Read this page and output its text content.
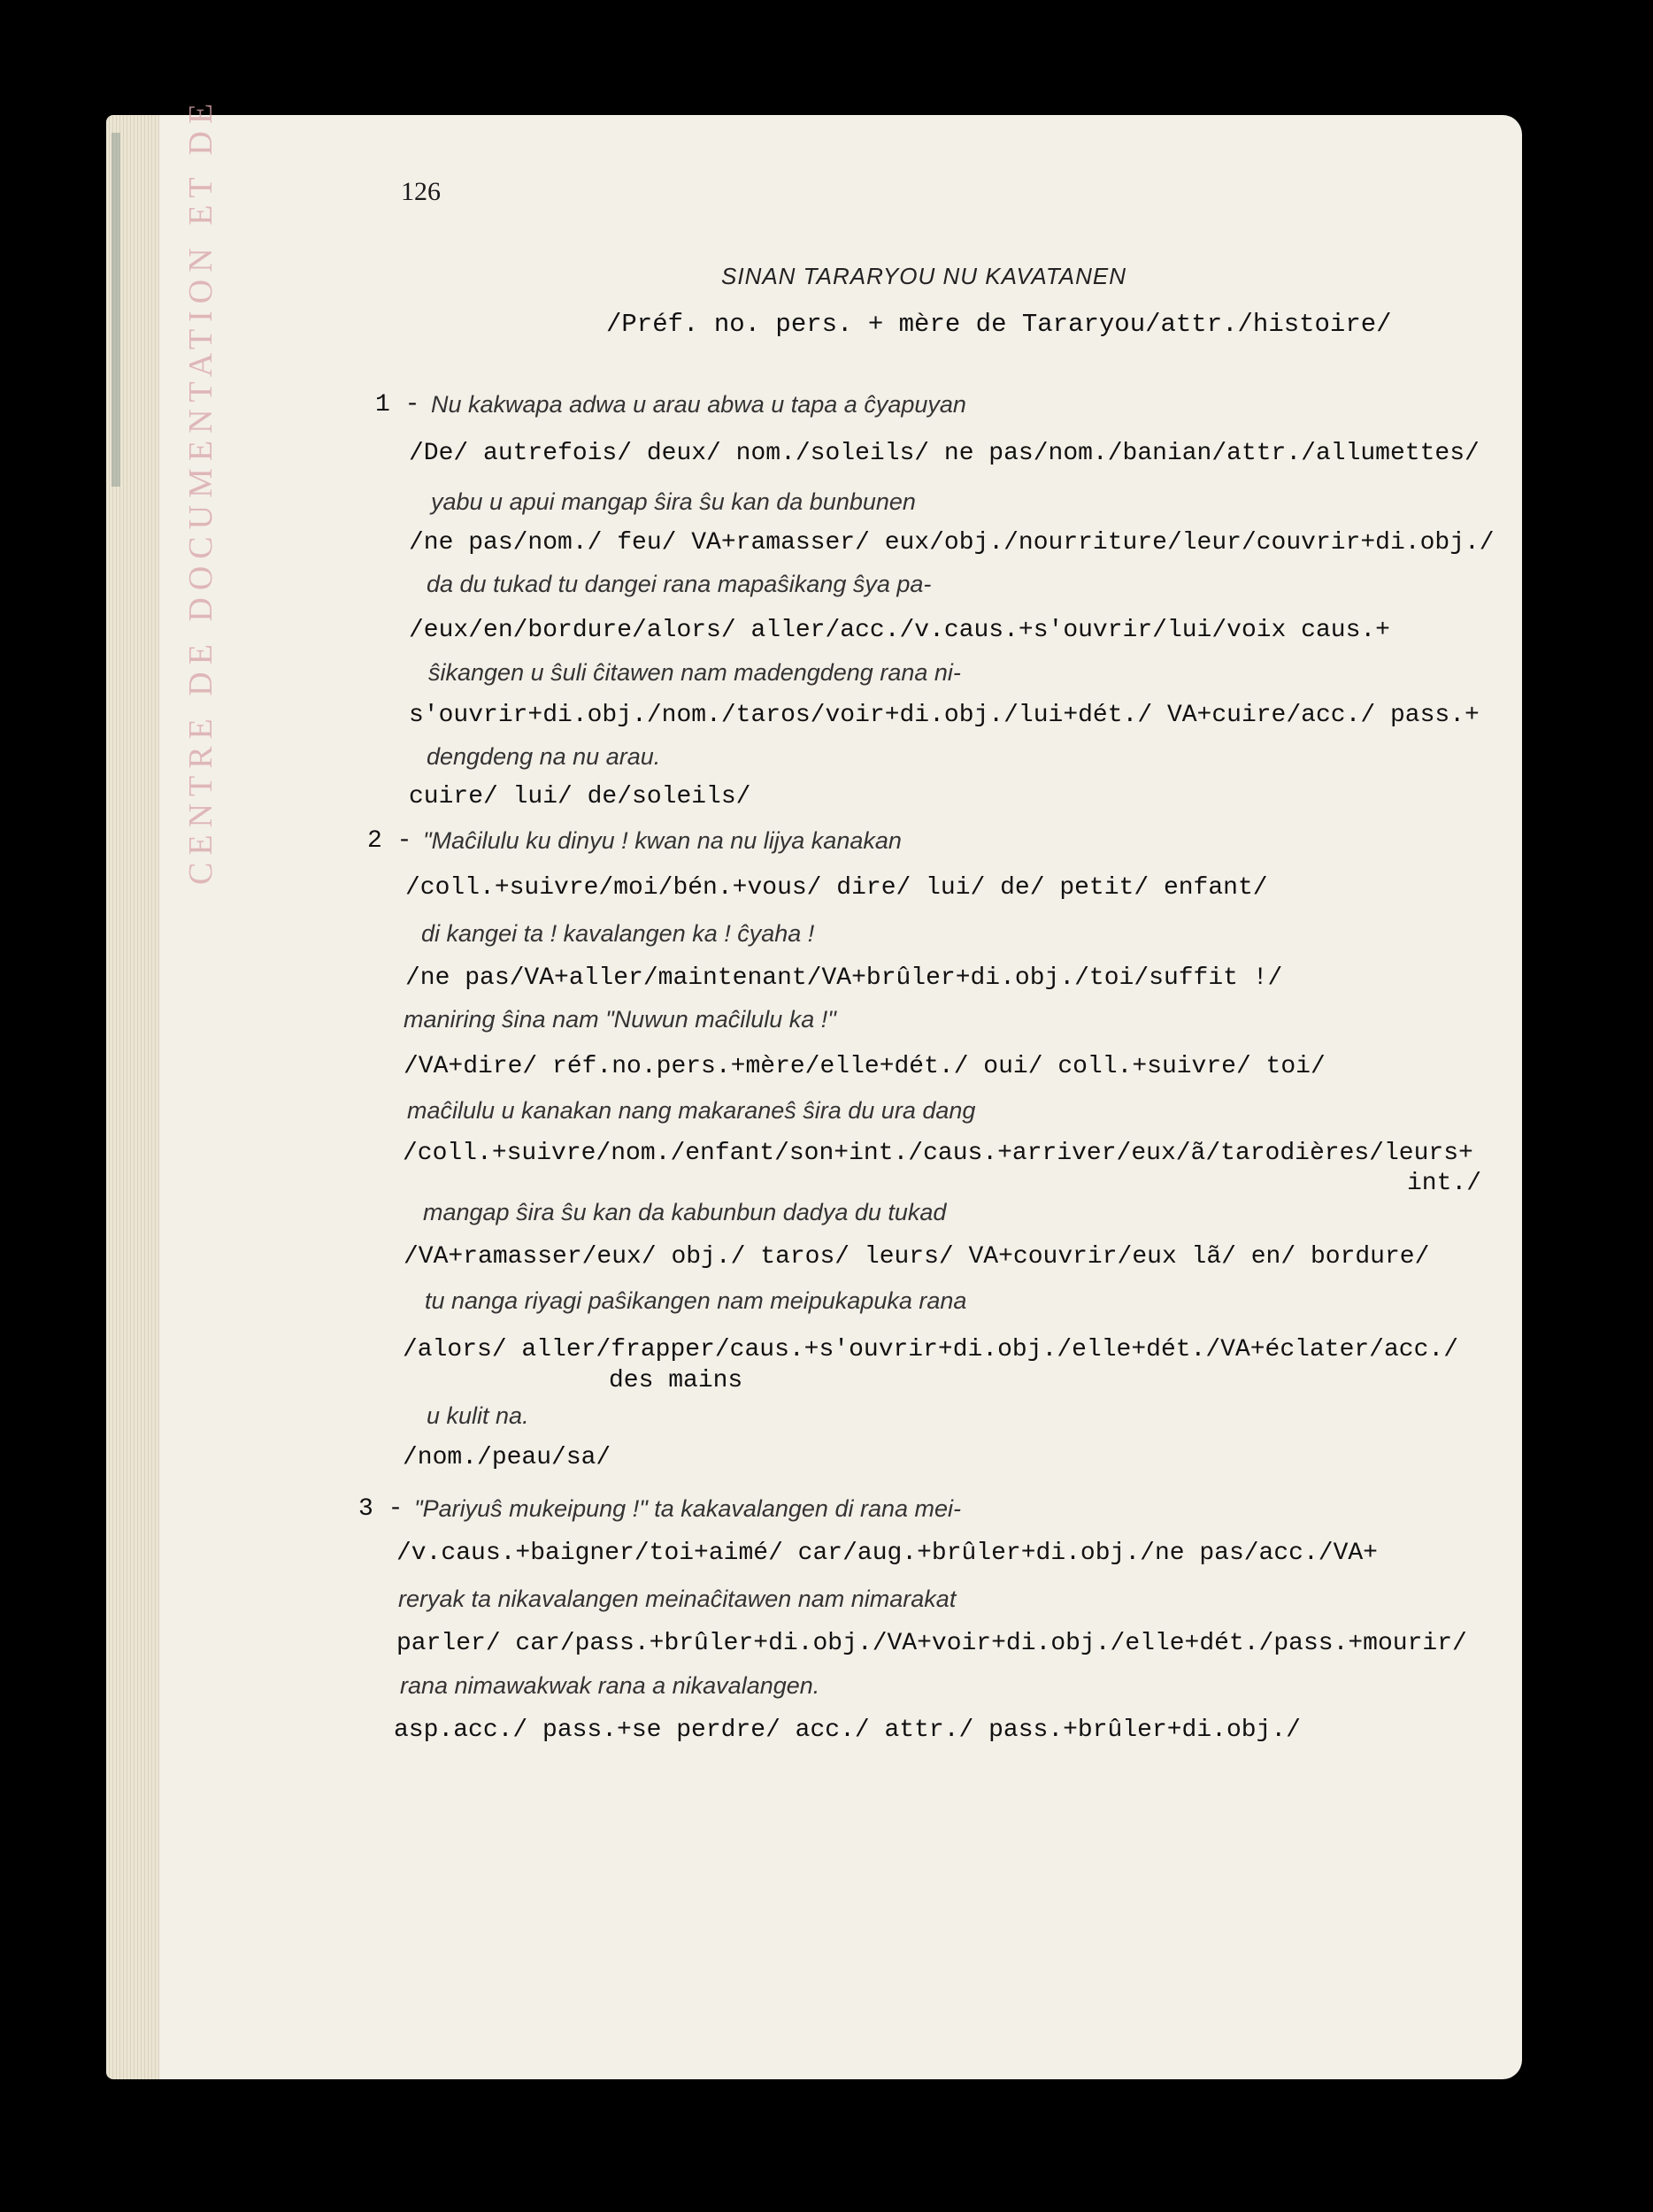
CENTRE DE DOCUMENTATION ET DE	126
SINAN TARARYOU NU KAVATANEN
/Préf. no. pers. + mère de Tararyou/attr./histoire/
1 - Nu kakwapa adwa u arau abwa u tapa a ĉyapuyan
/De/ autrefois/ deux/ nom./soleils/ ne pas/nom./banian/attr./allumettes/
yabu u apui mangap ŝira ŝu kan da bunbunen
/ne pas/nom./ feu/ VA+ramasser/ eux/obj./nourriture/leur/couvrir+di.obj./
da du tukad tu dangei rana mapaŝikang ŝya pa-
/eux/en/bordure/alors/ aller/acc./v.caus.+s'ouvrir/lui/voix caus.+
ŝikangen u ŝuli ĉitawen nam madengdeng rana ni-
s'ouvrir+di.obj./nom./taros/voir+di.obj./lui+dét./ VA+cuire/acc./ pass.+
dengdeng na nu arau.
cuire/ lui/ de/soleils/
2 - "Maĉilulu ku dinyu ! kwan na nu lijya kanakan
/coll.+suivre/moi/bén.+vous/ dire/ lui/ de/ petit/ enfant/
di kangei ta ! kavalangen ka ! ĉyaha !
/ne pas/VA+aller/maintenant/VA+brûler+di.obj./toi/suffit !/
maniring ŝina nam "Nuwun maĉilulu ka !"
/VA+dire/ réf.no.pers.+mère/elle+dét./ oui/ coll.+suivre/ toi/
maĉilulu u kanakan nang makaraneŝ ŝira du ura dang
/coll.+suivre/nom./enfant/son+int./caus.+arriver/eux/ã/tarodières/leurs+
int./
mangap ŝira ŝu kan da kabunbun dadya du tukad
/VA+ramasser/eux/ obj./ taros/ leurs/ VA+couvrir/eux lã/ en/ bordure/
tu nanga riyagi paŝikangen nam meipukapuka rana
/alors/ aller/frapper/caus.+s'ouvrir+di.obj./elle+dét./VA+éclater/acc./
des mains
u kulit na.
/nom./peau/sa/
3 - "Pariyuŝ mukeipung !" ta kakavalangen di rana mei-
/v.caus.+baigner/toi+aimé/ car/aug.+brûler+di.obj./ne pas/acc./VA+
reryak ta nikavalangen meinaĉitawen nam nimarakat
parler/ car/pass.+brûler+di.obj./VA+voir+di.obj./elle+dét./pass.+mourir/
rana nimawakwak rana a nikavalangen.
asp.acc./ pass.+se perdre/ acc./ attr./ pass.+brûler+di.obj./
